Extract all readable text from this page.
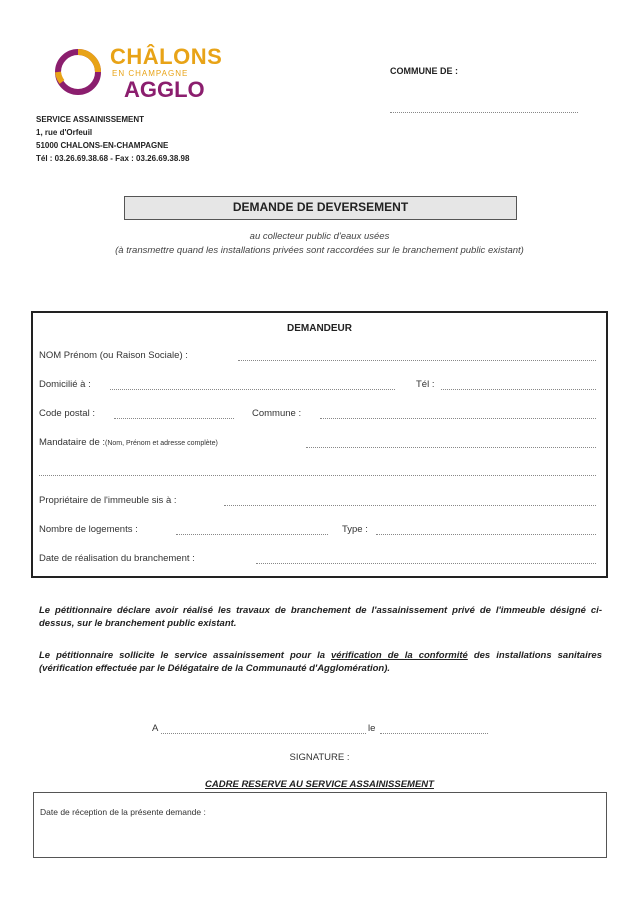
CHÂLONS
EN CHAMPAGNE
AGGLO
SERVICE ASSAINISSEMENT
1, rue d'Orfeuil
51000 CHALONS-EN-CHAMPAGNE
Tél : 03.26.69.38.68 - Fax : 03.26.69.38.98
COMMUNE DE :
DEMANDE DE DEVERSEMENT
au collecteur public d'eaux usées
(à transmettre quand les installations privées sont raccordées sur le branchement public existant)
DEMANDEUR
NOM Prénom (ou Raison Sociale) :
Domicilié à :	Tél :
Code postal :	Commune :
Mandataire de :(Nom, Prénom et adresse complète)
Propriétaire de l'immeuble sis à :
Nombre de logements :	Type :
Date de réalisation du branchement :
Le pétitionnaire déclare avoir réalisé les travaux de branchement de l'assainissement privé de l'immeuble désigné ci-dessus, sur le branchement public existant.
Le pétitionnaire sollicite le service assainissement pour la vérification de la conformité des installations sanitaires (vérification effectuée par le Délégataire de la Communauté d'Agglomération).
A	le
SIGNATURE :
CADRE RESERVE AU SERVICE ASSAINISSEMENT
Date de réception de la présente demande :
